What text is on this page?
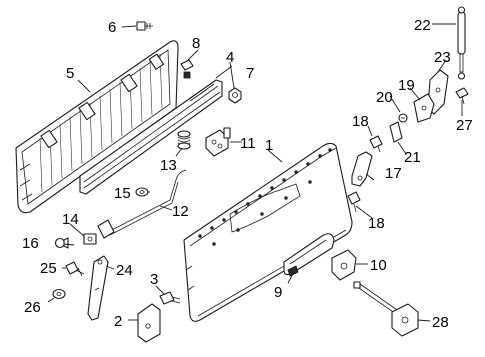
6
8
4
7
5
11
13
1
15
12
14
16
25
26
24
2
3
9
10
28
17
18
18
20
19
21
22
23
27
